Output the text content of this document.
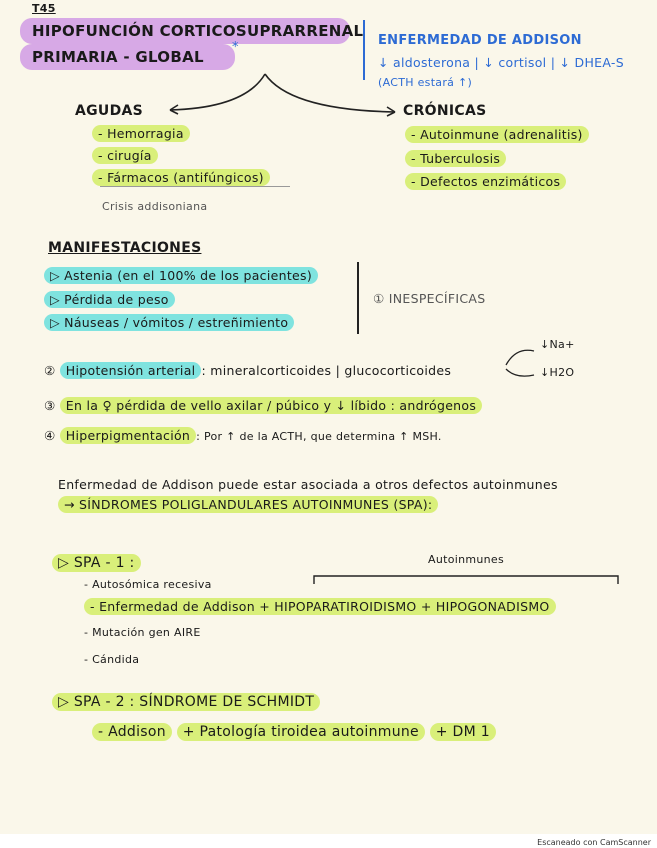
T45
HIPOFUNCIÓN CORTICOSUPRARRENAL
PRIMARIA - GLOBAL
*	ENFERMEDAD DE ADDISON
↓ aldosterona | ↓ cortisol | ↓ DHEA-S
(ACTH estará ↑)
AGUDAS
- Hemorragia
- cirugía
- Fármacos (antifúngicos)
Crisis addisoniana
CRÓNICAS
- Autoinmune (adrenalitis)
- Tuberculosis
- Defectos enzimáticos
MANIFESTACIONES
▷ Astenia (en el 100% de los pacientes)
▷ Pérdida de peso
▷ Náuseas / vómitos / estreñimiento
① INESPECÍFICAS
② Hipotensión arterial : mineralcorticoides | glucocorticoides
↓Na+
↓H2O
③ En la ♀ pérdida de vello axilar / púbico y ↓ líbido : andrógenos
④ Hiperpigmentación : Por ↑ de la ACTH, que determina ↑ MSH.
Enfermedad de Addison puede estar asociada a otros defectos autoinmunes
→ SÍNDROMES POLIGLANDULARES AUTOINMUNES (SPA):
▷ SPA - 1 :	Autoinmunes
- Autosómica recesiva
- Enfermedad de Addison + HIPOPARATIROIDISMO + HIPOGONADISMO
- Mutación gen AIRE
- Cándida
▷ SPA - 2 : SÍNDROME DE SCHMIDT
- Addison + Patología tiroidea autoinmune + DM 1
Escaneado con CamScanner
